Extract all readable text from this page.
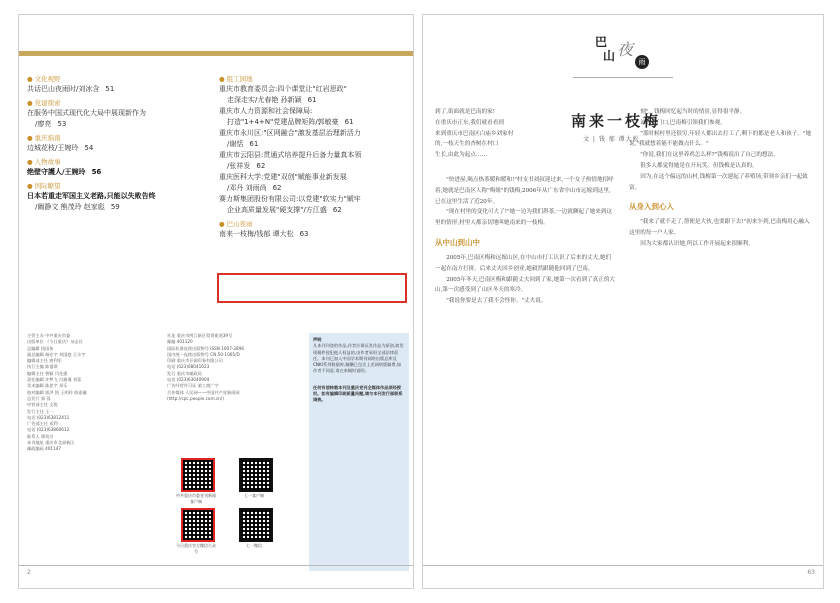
● 文化视野
共话巴山夜雨时/刘冰含 51
● 党建探索
在服务中国式现代化大局中展现新作为
/廖亮 53
● 重庆指南
边城花枝/王婉玲 54
● 人物故事
绝壁守護人/王婉玲 56
● 国际瞭望
日本若重走军国主义老路,只能以失败告终
/阚静文 熊茂玲 赵家彪 59
● 组工园地
重庆市教育委员会:四个课堂让"红岩思政"
走深走实/尤春艳 孙新颖 61
重庆市人力资源和社会保障局:
打造"1+4+N"党建品牌矩阵/郭敏豪 61
重庆市永川区:"区网融合"激发基层治理新活力
/谢恬 61
重庆市云阳县:贯通式培养提升后备力量真本领
/张祥发 62
重庆医科大学:党建"双创"赋能事业新发展
/邓丹 刘雨尚 62
赛力斯集团股份有限公司:以党建"软实力"赋牢
企业高质量发展"硬支撑"/方江盛 62
● 巴山夜雨
南来一枝梅/钱郁 谭大松 63
主管主办 中共重庆市委
出版单位 《今日重庆》杂志社
总编辑 钱国伟
副总编辑 杨宏宇 刘国庭 王丰宇
编辑部主任 唐利军
执行主编 陈禧琪
编辑主任 曾颖 闫先强
责任编辑 许梦飞 冯雅瑾 刘蓉
美术编辑 陈思宇 邓乐
校对编辑 郭洪 凯 王明玲 陈嘉璇
总发行 郭 蓉
经营部主任 文锐
发行主任 王一
电话 (023)63812411
广告部主任 邓利
电话 (023)63860612
联系人 谭贵川
本刊地址 重庆市北部新区
邮政编码 401147
社址 重庆市两江新区鸳鸯街道39号
邮编 401120
国际标准连续出版物号 ISSN 1007-2896
国内统一连续出版物号 CN 50-1065/D
印刷 重庆市开源印务有限公司
电话 (023)68041023
发行 重庆市邮政局
电话 (023)63040904
广告经营许可证 渝工商广字
合作媒体 人民网——中国共产党新闻网
(http://cpc.people.com.cn/)
声明
凡本刊刊登的作品,作者应保证其作品为原创,如发现稿件侵犯他人权益的,由作者承担全部法律责任。本刊已加入中国学术期刊网络出版总库及CNKI系列数据库,稿酬已包含上述网络版稿费,如作者不同意,请在来稿时说明。
任何有偿转载本刊及重庆党刊全媒体作品须经授权。如有编辑印刷质量问题,请与本刊发行部联系调换。
中共重庆市委党刊新闻客户端
七一客户端
今日重庆官方微信公众号
七一微信
2
巴
山 夜
雨
南来一枝梅
文 | 钱 郁 谭大松
到了,街面就是巴南的家!
在重庆市正东,我们就看看到
来到重庆市巴南区白庙乡刘家村
的,一枝天生的杏树在村口
生长,由此为起点……

"快进屋,喝点热茶暖和暖和!"村支书刘叔迎过来,一个女子热情地招呼着,她就是巴南区人称"梅姐"的钱梅,2006年从广东省中山市远嫁到这里,已在这里生活了近20年。

"现在村里的变化可大了!"她一边为我们斟茶,一边就聊起了她来到这里的情形,村里人都亲切地叫她南来的一枝梅。

从中山到山中

2005年,巴南区梅和远嫁山区,在中山市打工认识了后来的丈夫,她们一起在南方打拼。后来丈夫回乡创业,她毅然跟随他回到了巴南。

2005年冬天,巴南区梅和跟随丈夫回到了家,她第一次看到了真正的大山,第一次感受到了山区冬天的寒冷。

"我说你要是去了我不会怪你。"丈夫说。

刻"。钱梅回忆起当时的情景,显得很平静。

站在大门口,巴南梅引领我们参观。

"那时候村里还很穷,年轻人都出去打工了,剩下的都是老人和孩子。"她说,"我就想着能不能做点什么。"

"你说,我们在这里养鸡怎么样?"钱梅说出了自己的想法。

很多人都觉得她是在开玩笑。但钱梅是认真的。

因为,在这个偏远的山村,钱梅第一次建起了养殖场,带领乡亲们一起致富。

从身入到心入

"我来了就不走了,帮便是大伙,也要跟下去!"初来乍到,巴南梅用心融入这里的每一户人家。

因为大家都认识她,所以工作开展起来很顺利。

63
